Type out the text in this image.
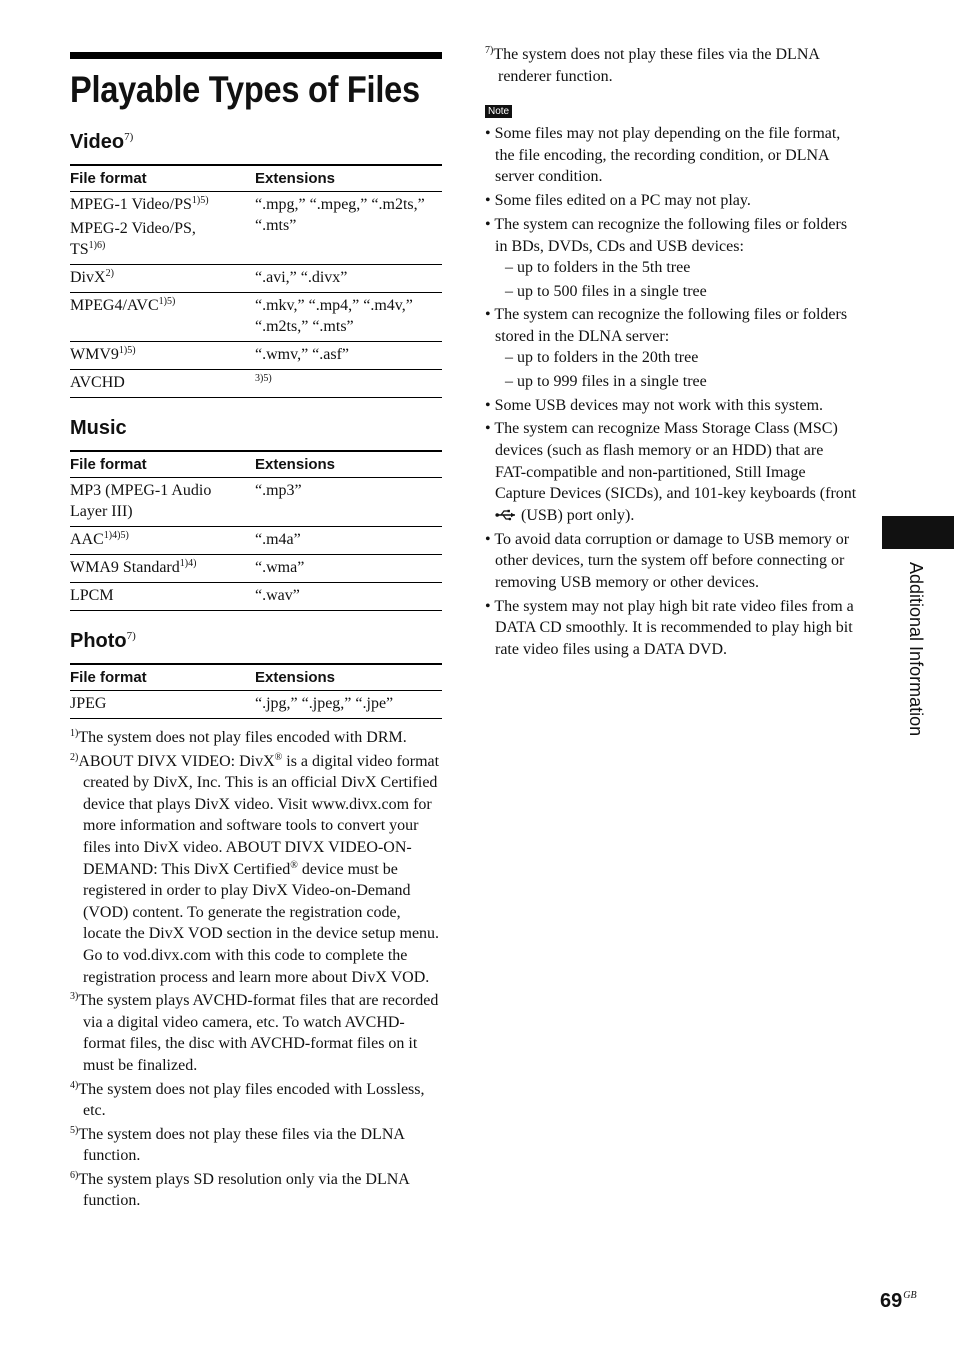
Playable Types of Files
Video$^{7)}$
File format	Extensions

MPEG-1 Video/$PS^{1)5)}$
MPEG-2 Video/PS,
$TS^{1)6)}$	“.mpg,” “.mpeg,” “.m2ts,”
“.mts”

DivX$^{2)}$	“.avi,” “.divx”
$MPEG4/AVC^{1)5)}$	“.mkv,” “.mp4,” “.m4v,”
“.m2ts,” “.mts”

$WMV9^{1)5)}$	“.wmv,” “.asf”
AVCHD	$^{3)5)}$
Music
File format	Extensions

MP3 (MPEG-1 Audio
Layer III)	“.mp3”
$AAC^{1)4)5)}$	“.m4a”
WMA9 Standard$^{1)4)}$	“.wma”
LPCM	“.wav”
Photo$^{7)}$
File format	Extensions
JPEG	“.jpg,” “.jpeg,” “.jpe”

$^{1)}$The system does not play files encoded with DRM.

$^{2)}$ABOUT DIVX VIDEO: DivX® is a digital video format created by DivX, Inc. This is an official DivX Certified device that plays DivX video. Visit www.divx.com for more information and software tools to convert your files into DivX video. ABOUT DIVX VIDEO-ON-DEMAND: This DivX Certified® device must be registered in order to play DivX Video-on-Demand (VOD) content. To generate the registration code, locate the DivX VOD section in the device setup menu. Go to vod.divx.com with this code to complete the registration process and learn more about DivX VOD.

$^{3)}$The system plays AVCHD-format files that are recorded via a digital video camera, etc. To watch AVCHD-format files, the disc with AVCHD-format files on it must be finalized.

$^{4)}$The system does not play files encoded with Lossless, etc.

$^{5)}$The system does not play these files via the DLNA function.

$^{6)}$The system plays SD resolution only via the DLNA function.

$^{7)}$The system does not play these files via the DLNA renderer function.

Note
• Some files may not play depending on the file format, the file encoding, the recording condition, or DLNA server condition.
• Some files edited on a PC may not play.
• The system can recognize the following files or folders in BDs, DVDs, CDs and USB devices:
– up to folders in the 5th tree
– up to 500 files in a single tree
• The system can recognize the following files or folders stored in the DLNA server:
– up to folders in the 20th tree
– up to 999 files in a single tree
• Some USB devices may not work with this system.
• The system can recognize Mass Storage Class (MSC) devices (such as flash memory or an HDD) that are FAT-compatible and non-partitioned, Still Image Capture Devices (SICDs), and 101-key keyboards (front  (USB) port only).
• To avoid data corruption or damage to USB memory or other devices, turn the system off before connecting or removing USB memory or other devices.
• The system may not play high bit rate video files from a DATA CD smoothly. It is recommended to play high bit rate video files using a DATA DVD.	Additional Information
$69^{GB}$
